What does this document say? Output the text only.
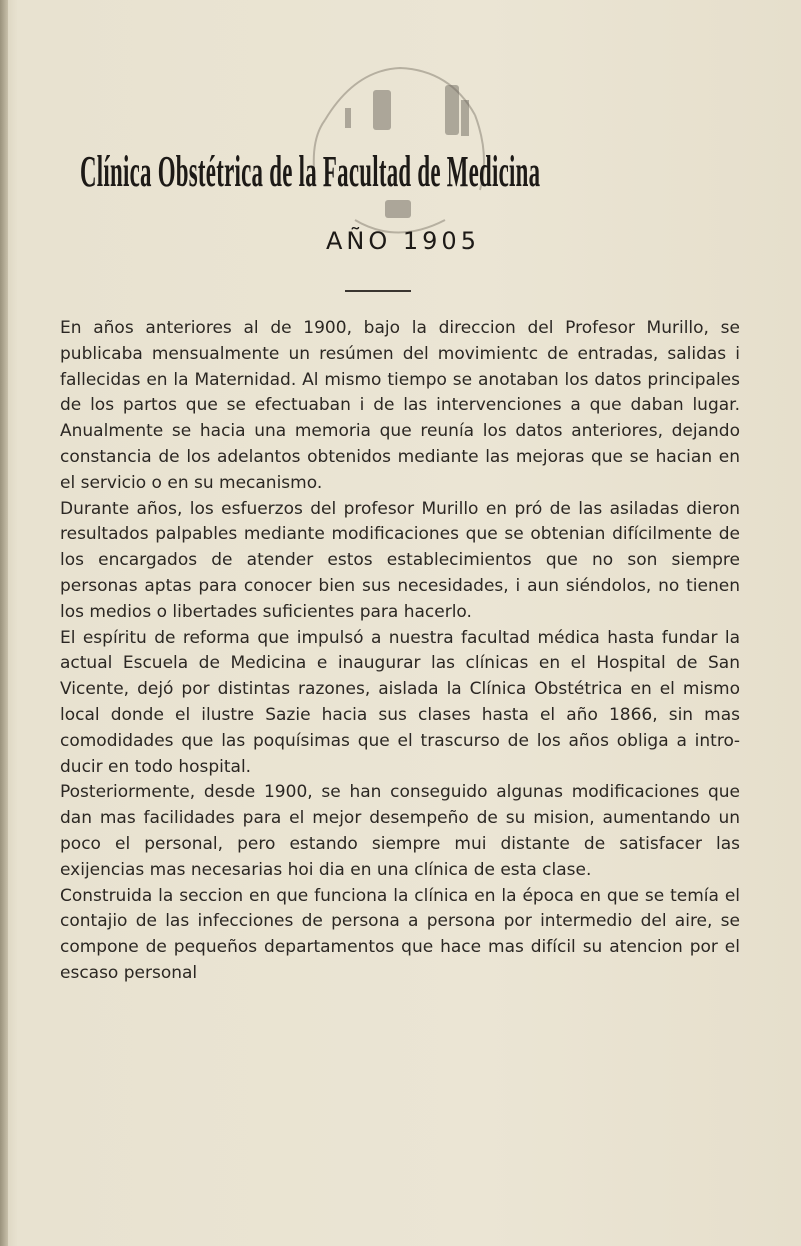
Clínica Obstétrica de la Facultad de Medicina
AÑO 1905

En años anteriores al de 1900, bajo la direccion del Profesor Murillo, se publicaba mensualmente un resúmen del movimientc de entradas, salidas i fallecidas en la Maternidad. Al mismo tiempo se anotaban los datos principales de los partos que se efectuaban i de las intervenciones a que daban lugar. Anualmente se hacia una memoria que reunía los datos anteriores, dejando constancia de los adelantos obtenidos mediante las mejoras que se hacian en el servicio o en su mecanismo.

Durante años, los esfuerzos del profesor Murillo en pró de las asiladas dieron resultados palpables mediante modificaciones que se obtenian difícilmente de los encargados de atender estos establecimientos que no son siempre personas aptas para conocer bien sus necesidades, i aun siéndolos, no tienen los medios o libertades suficientes para hacerlo.

El espíritu de reforma que impulsó a nuestra facultad médica hasta fundar la actual Escuela de Medicina e inaugurar las clínicas en el Hospital de San Vicente, dejó por distintas razones, aislada la Clínica Obstétrica en el mismo local donde el ilustre Sazie hacia sus clases hasta el año 1866, sin mas comodidades que las poquísimas que el trascurso de los años obliga a introducir en todo hospital.

Posteriormente, desde 1900, se han conseguido algunas modificaciones que dan mas facilidades para el mejor desempeño de su mision, aumentando un poco el personal, pero estando siempre mui distante de satisfacer las exijencias mas necesarias hoi dia en una clínica de esta clase.

Construida la seccion en que funciona la clínica en la época en que se temía el contajio de las infecciones de persona a persona por intermedio del aire, se compone de pequeños departamentos que hace mas difícil su atencion por el escaso personal
